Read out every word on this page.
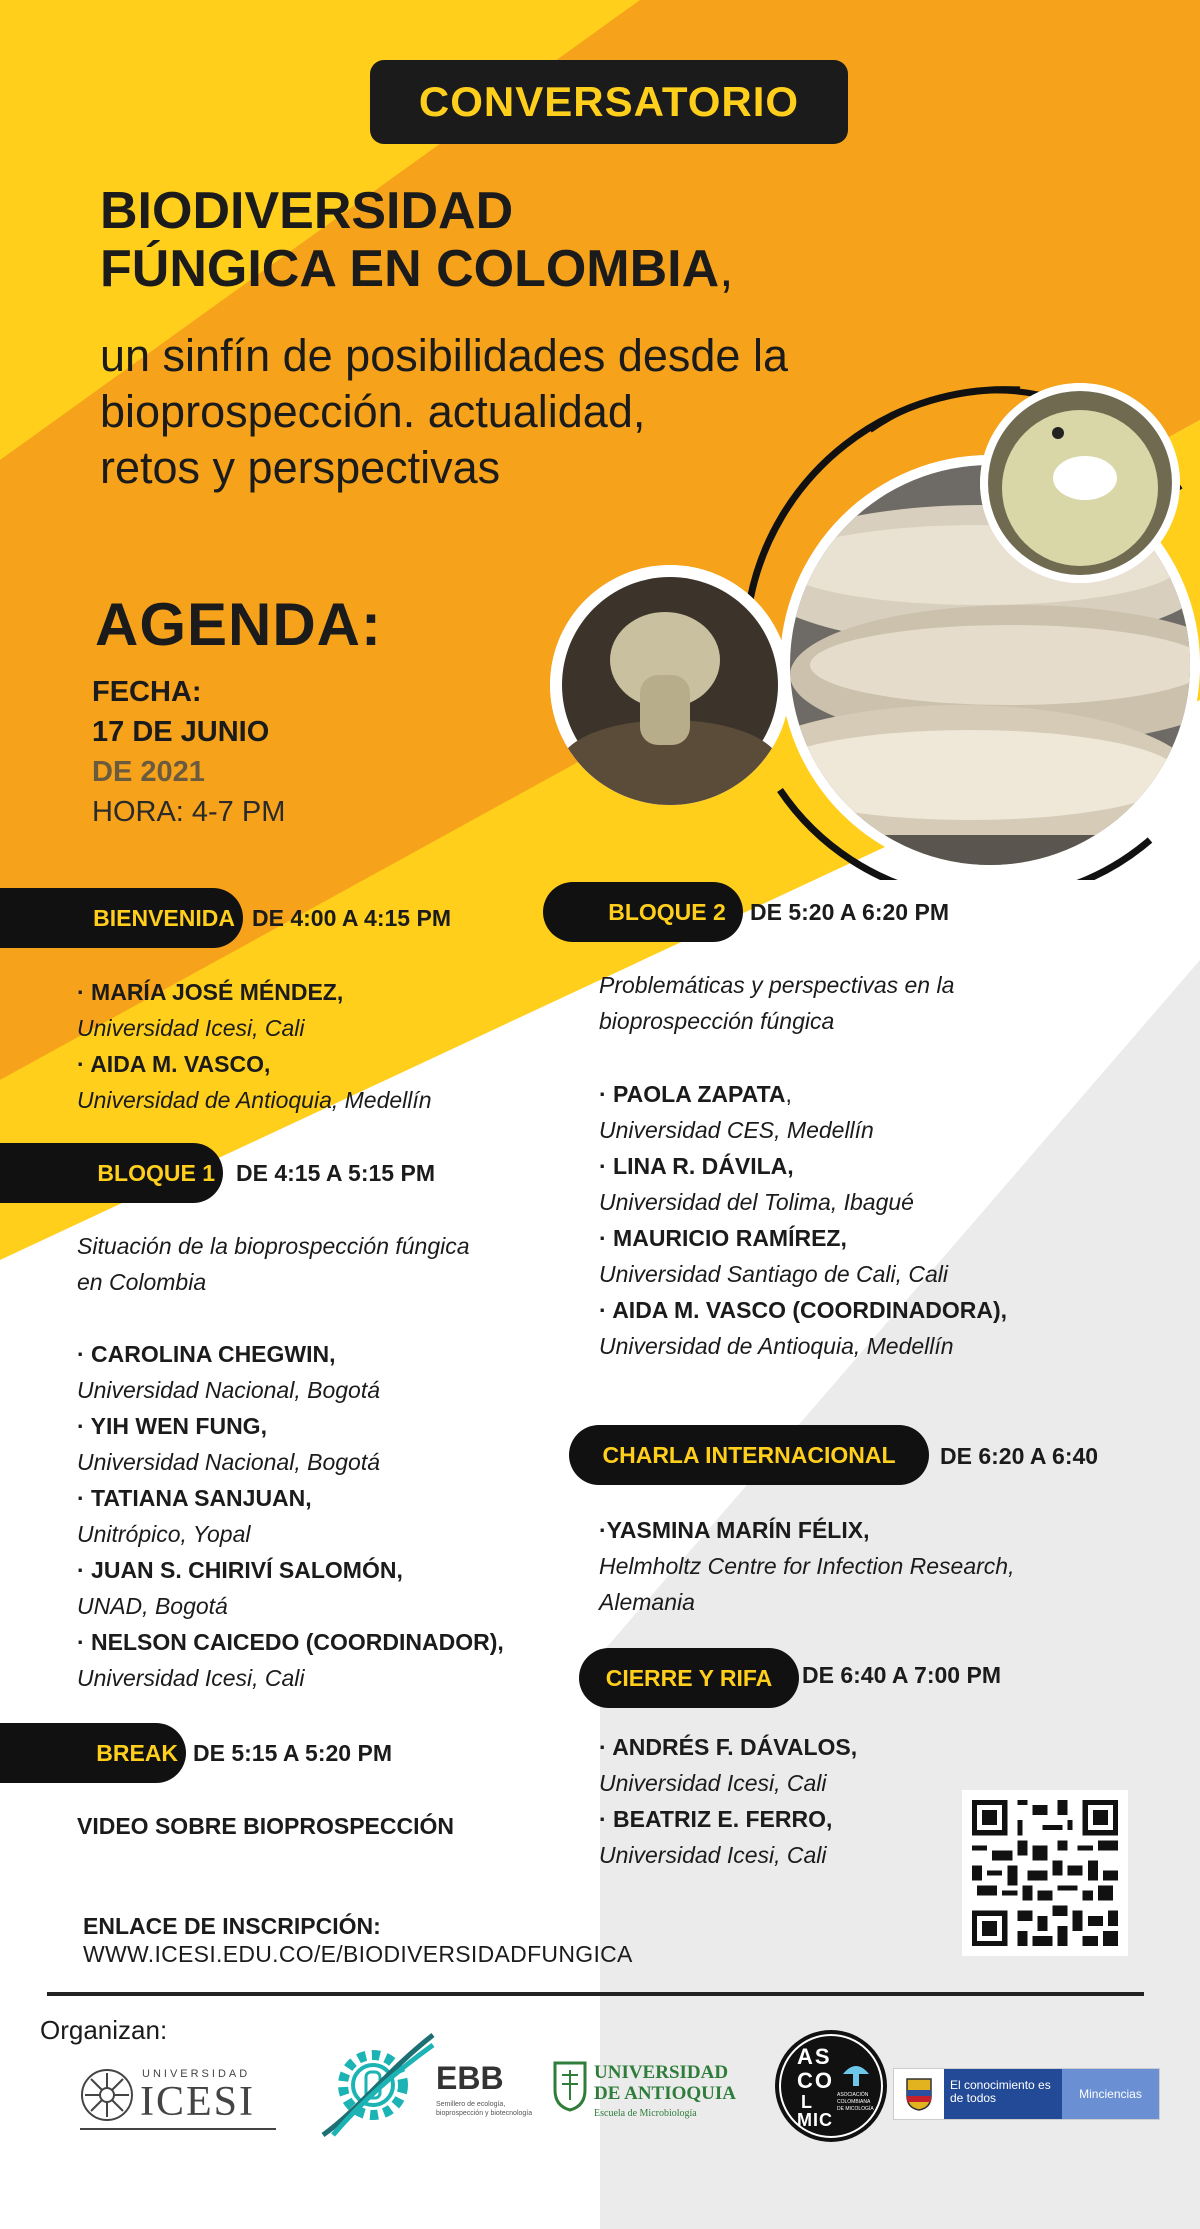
CONVERSATORIO
BIODIVERSIDAD
FÚNGICA EN COLOMBIA,
un sinfín de posibilidades desde la
bioprospección. actualidad,
retos y perspectivas
AGENDA:
FECHA:
17 DE JUNIO
DE 2021
HORA: 4-7 PM
BIENVENIDA DE 4:00 A 4:15 PM
· MARÍA JOSÉ MÉNDEZ,
Universidad Icesi, Cali
· AIDA M. VASCO,
Universidad de Antioquia, Medellín
BLOQUE 1 DE 4:15 A 5:15 PM
Situación de la bioprospección fúngica
en Colombia
· CAROLINA CHEGWIN,
Universidad Nacional, Bogotá
· YIH WEN FUNG,
Universidad Nacional, Bogotá
· TATIANA SANJUAN,
Unitrópico, Yopal
· JUAN S. CHIRIVÍ SALOMÓN,
UNAD, Bogotá
· NELSON CAICEDO (COORDINADOR),
Universidad Icesi, Cali
BREAK DE 5:15 A 5:20 PM
VIDEO SOBRE BIOPROSPECCIÓN
BLOQUE 2 DE 5:20 A 6:20 PM
Problemáticas y perspectivas en la
bioprospección fúngica
· PAOLA ZAPATA,
Universidad CES, Medellín
· LINA R. DÁVILA,
Universidad del Tolima, Ibagué
· MAURICIO RAMÍREZ,
Universidad Santiago de Cali, Cali
· AIDA M. VASCO (COORDINADORA),
Universidad de Antioquia, Medellín
CHARLA INTERNACIONAL	DE 6:20 A 6:40
·YASMINA MARÍN FÉLIX,
Helmholtz Centre for Infection Research,
Alemania
CIERRE Y RIFA	DE 6:40 A 7:00 PM
· ANDRÉS F. DÁVALOS,
Universidad Icesi, Cali
· BEATRIZ E. FERRO,
Universidad Icesi, Cali
ENLACE DE INSCRIPCIÓN:
WWW.ICESI.EDU.CO/E/BIODIVERSIDADFUNGICA
Organizan:
UNIVERSIDAD
ICESI
EBB
Semillero de ecología, bioprospección y biotecnología
UNIVERSIDAD
DE ANTIOQUIA
Escuela de Microbiología
AS
CO
L
MIC
ASOCIACIÓN COLOMBIANA DE MICOLOGÍA
El conocimiento es de todos	Minciencias
